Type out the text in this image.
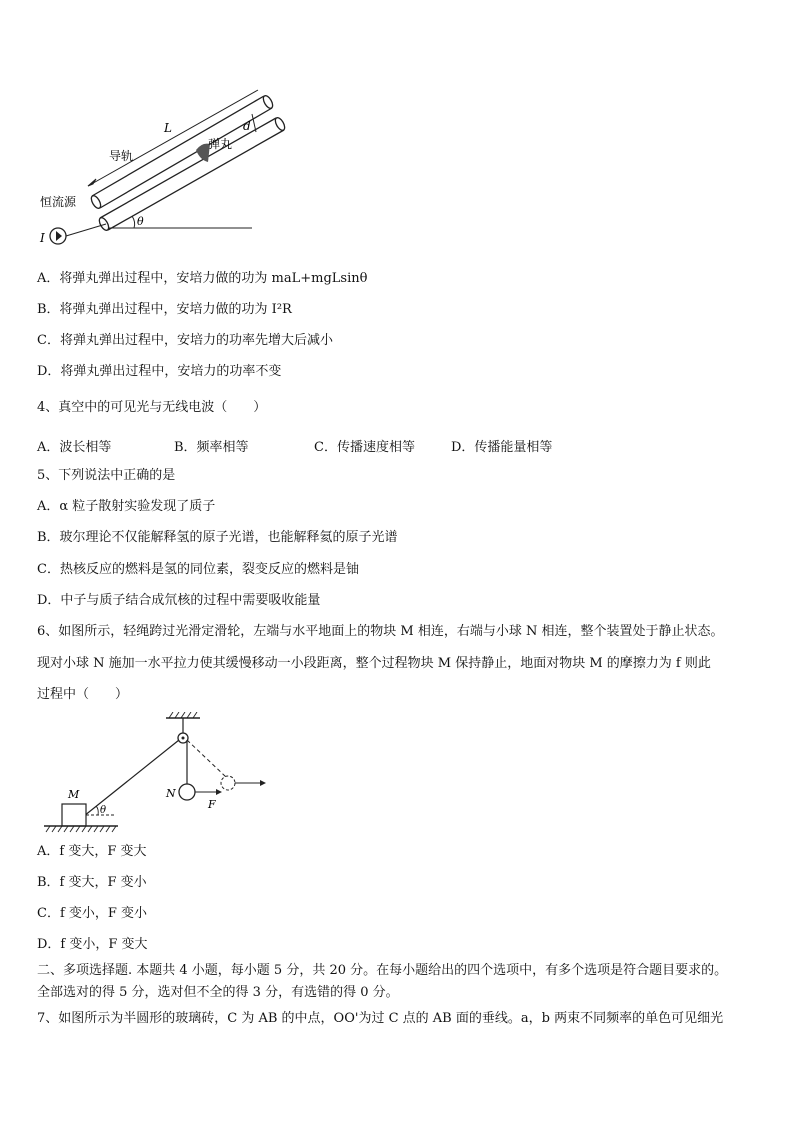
L	d
导轨
弹丸
恒流源
I
θ
A．将弹丸弹出过程中，安培力做的功为 maL+mgLsinθ
B．将弹丸弹出过程中，安培力做的功为 I²R
C．将弹丸弹出过程中，安培力的功率先增大后减小
D．将弹丸弹出过程中，安培力的功率不变
4、真空中的可见光与无线电波（　　）
A．波长相等	B．频率相等	C．传播速度相等	D．传播能量相等
5、下列说法中正确的是
A．α 粒子散射实验发现了质子
B．玻尔理论不仅能解释氢的原子光谱，也能解释氦的原子光谱
C．热核反应的燃料是氢的同位素，裂变反应的燃料是铀
D．中子与质子结合成氘核的过程中需要吸收能量
6、如图所示，轻绳跨过光滑定滑轮，左端与水平地面上的物块 M 相连，右端与小球 N 相连，整个装置处于静止状态。
现对小球 N 施加一水平拉力使其缓慢移动一小段距离，整个过程物块 M 保持静止，地面对物块 M 的摩擦力为 f 则此
过程中（　　）
N
F
M
θ
A．f 变大，F 变大
B．f 变大，F 变小
C．f 变小，F 变小
D．f 变小，F 变大
二、多项选择题. 本题共 4 小题，每小题 5 分，共 20 分。在每小题给出的四个选项中，有多个选项是符合题目要求的。
全部选对的得 5 分，选对但不全的得 3 分，有选错的得 0 分。
7、如图所示为半圆形的玻璃砖，C 为 AB 的中点，OO'为过 C 点的 AB 面的垂线。a，b 两束不同频率的单色可见细光
